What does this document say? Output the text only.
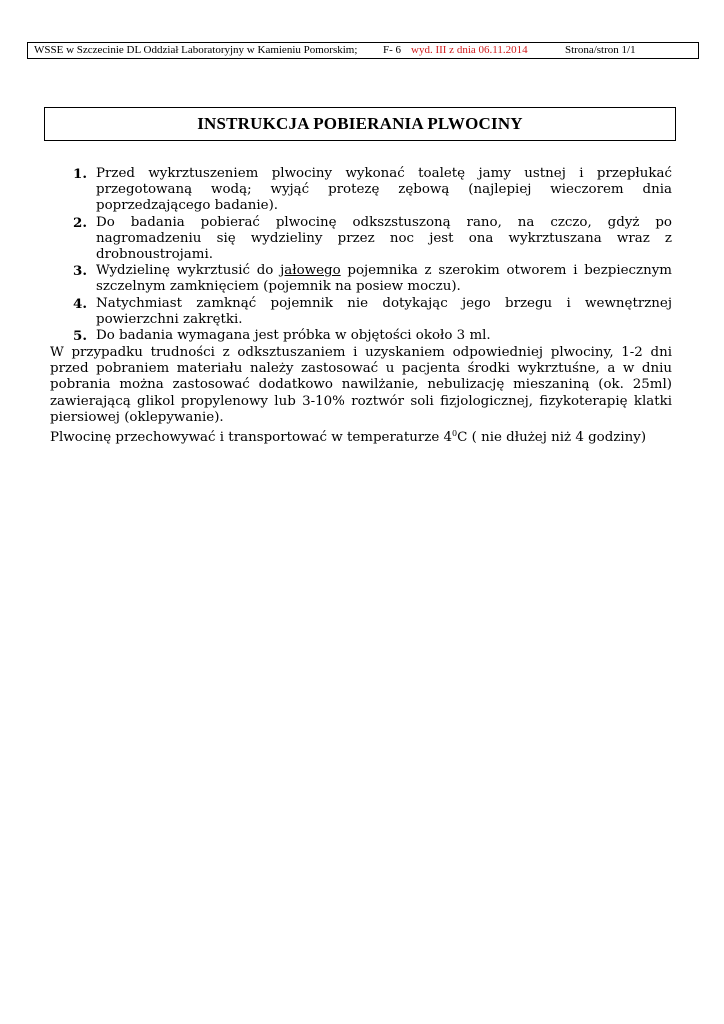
WSSE w Szczecinie DL Oddział Laboratoryjny w Kamieniu Pomorskim; F- 6 wyd. III z dnia 06.11.2014	Strona/stron 1/1
INSTRUKCJA POBIERANIA PLWOCINY
1. Przed wykrztuszeniem plwociny wykonać toaletę jamy ustnej i przepłukać przegotowaną wodą; wyjąć protezę zębową (najlepiej wieczorem dnia poprzedzającego badanie).
2. Do badania pobierać plwocinę odkszstuszoną rano, na czczo, gdyż po nagromadzeniu się wydzieliny przez noc jest ona wykrztuszana wraz z drobnoustrojami.
3. Wydzielinę wykrztusić do jałowego pojemnika z szerokim otworem i bezpiecznym szczelnym zamknięciem (pojemnik na posiew moczu).
4. Natychmiast zamknąć pojemnik nie dotykając jego brzegu i wewnętrznej powierzchni zakrętki.
5. Do badania wymagana jest próbka w objętości około 3 ml.

W przypadku trudności z odksztuszaniem i uzyskaniem odpowiedniej plwociny, 1-2 dni przed pobraniem materiału należy zastosować u pacjenta środki wykrztuśne, a w dniu pobrania można zastosować dodatkowo nawilżanie, nebulizację mieszaniną (ok. 25ml) zawierającą glikol propylenowy lub 3-10% roztwór soli fizjologicznej, fizykoterapię klatki piersiowej (oklepywanie).

Plwocinę przechowywać i transportować w temperaturze $4^0C$ ( nie dłużej niż 4 godziny)
